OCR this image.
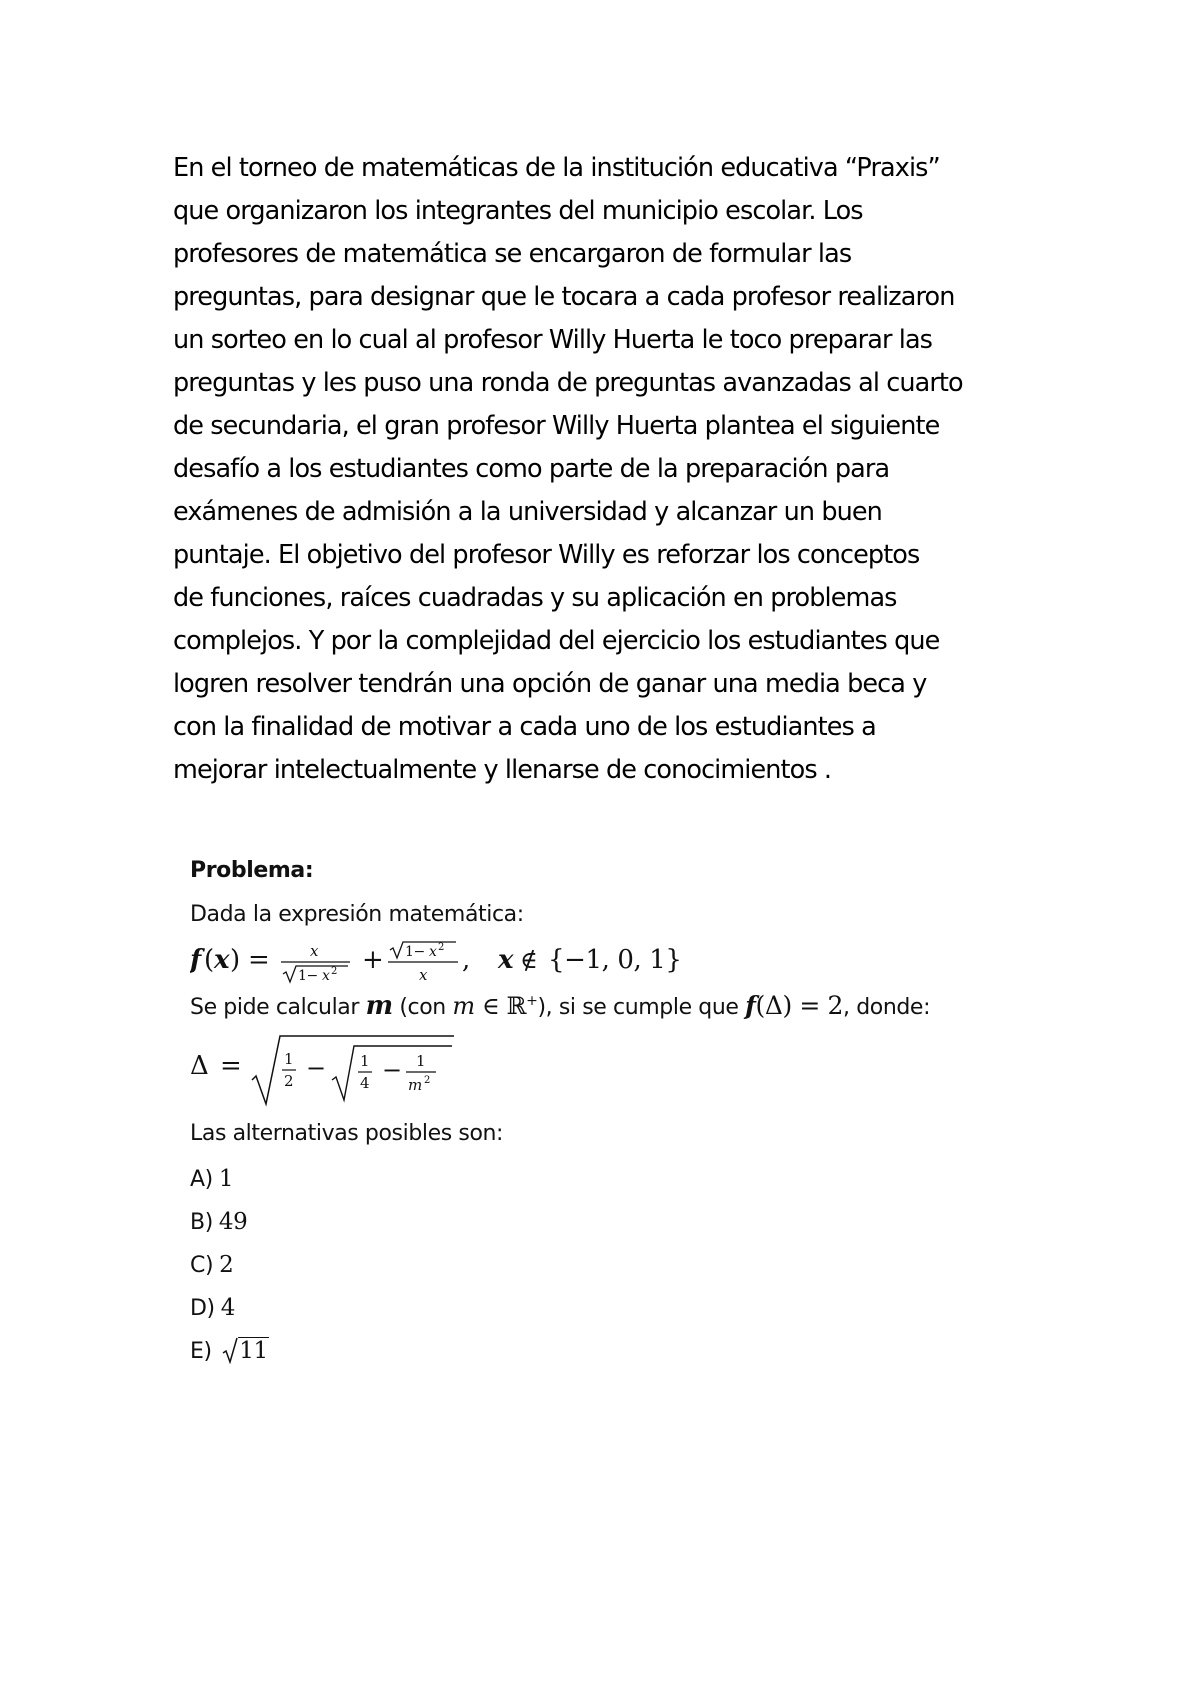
En el torneo de matemáticas de la institución educativa “Praxis”
que organizaron los integrantes del municipio escolar. Los
profesores de matemática se encargaron de formular las
preguntas, para designar que le tocara a cada profesor realizaron
un sorteo en lo cual al profesor Willy Huerta le toco preparar las
preguntas y les puso una ronda de preguntas avanzadas al cuarto
de secundaria, el gran profesor Willy Huerta plantea el siguiente
desafío a los estudiantes como parte de la preparación para
exámenes de admisión a la universidad y alcanzar un buen
puntaje. El objetivo del profesor Willy es reforzar los conceptos
de funciones, raíces cuadradas y su aplicación en problemas
complejos. Y por la complejidad del ejercicio los estudiantes que
logren resolver tendrán una opción de ganar una media beca y
con la finalidad de motivar a cada uno de los estudiantes a
mejorar intelectualmente y llenarse de conocimientos .
Problema:
Dada la expresión matemática:
f ( x ) =	x
1− x 2 + 1− x 2
x , x ∉ {−1, 0, 1}
Se pide calcular m (con m ∈ ℝ+), si se cumple que f(Δ) = 2, donde:
Δ =	1
2 − 1
4 − 1
m 2
Las alternativas posibles son:
A) 1
B) 49
C) 2
D) 4
E) 11
